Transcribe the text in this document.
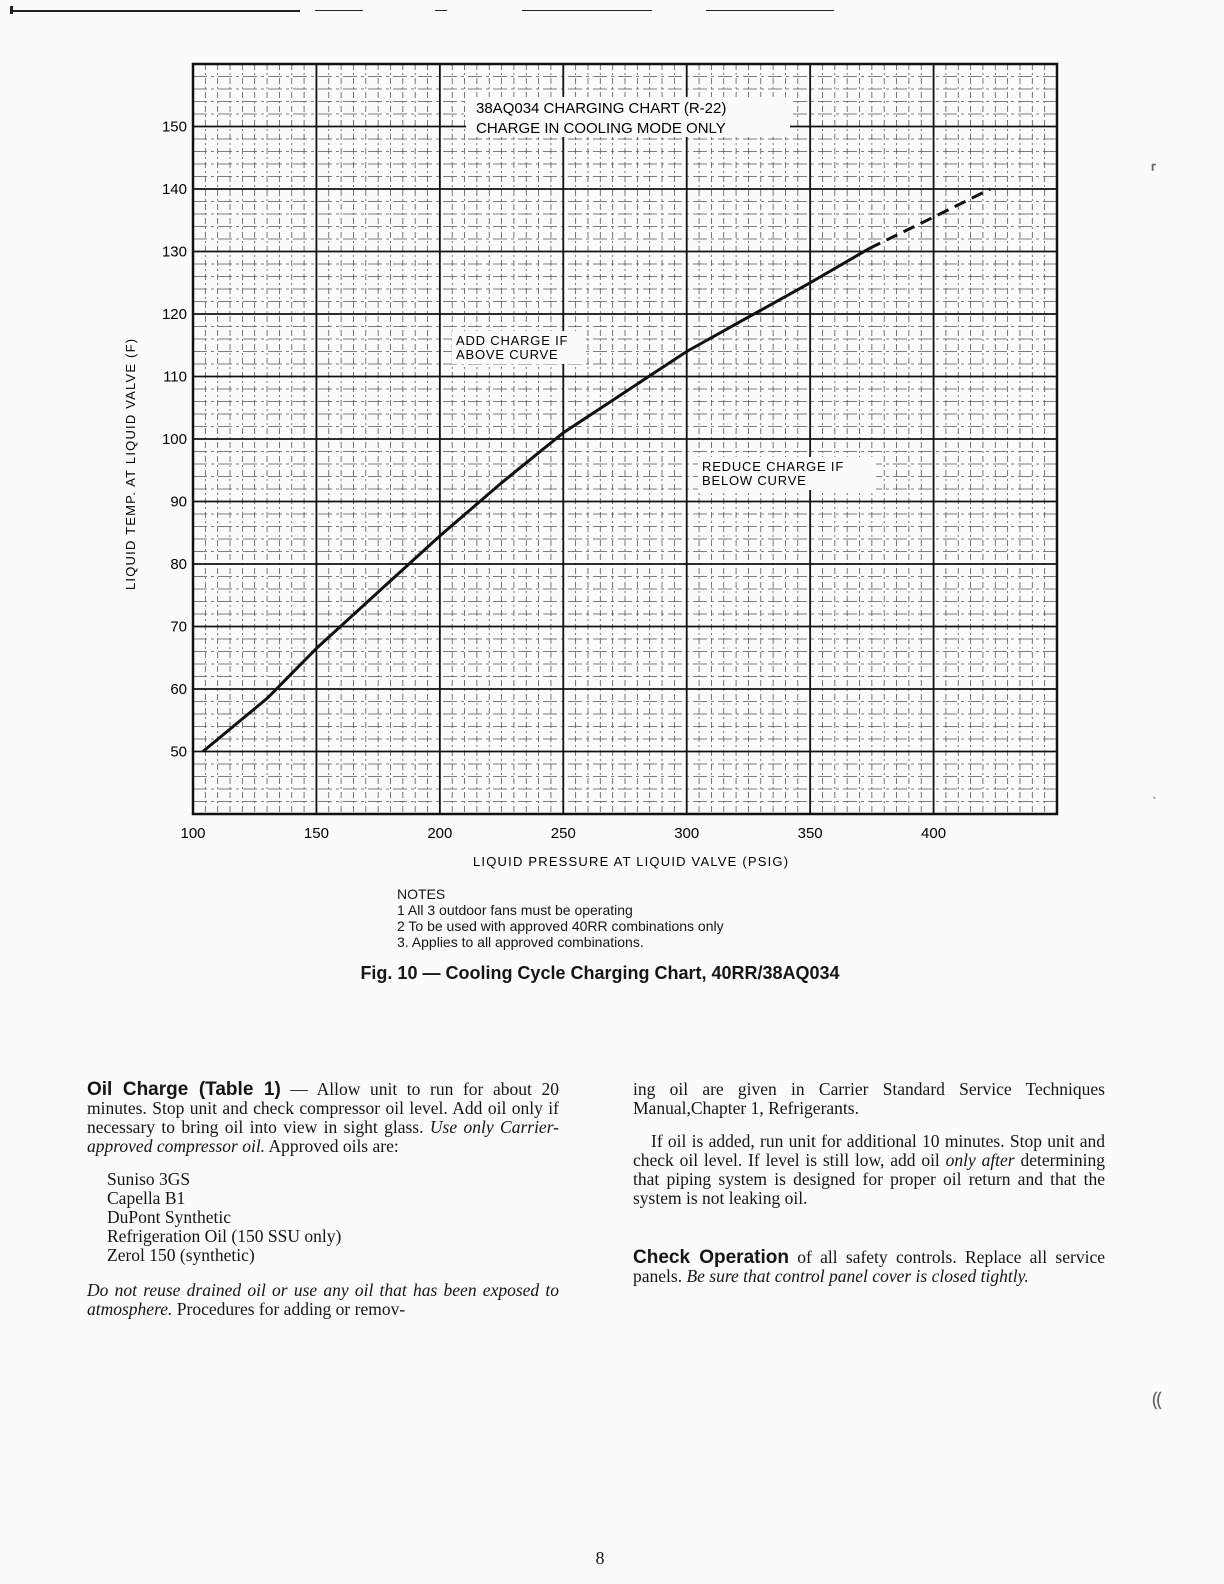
38AQ034 CHARGING CHART (R-22)
CHARGE IN COOLING MODE ONLY
ADD CHARGE IF
ABOVE CURVE
REDUCE CHARGE IF
BELOW CURVE
50
60
70
80
90
100
110
120
130
140
150
100	150	200	250	300	350	400
LIQUID PRESSURE AT LIQUID VALVE (PSIG)
LIQUID TEMP. AT LIQUID VALVE (F)
NOTES
1 All 3 outdoor fans must be operating
2 To be used with approved 40RR combinations only
3. Applies to all approved combinations.
Fig. 10 — Cooling Cycle Charging Chart, 40RR/38AQ034

Oil Charge (Table 1) — Allow unit to run for about 20 minutes. Stop unit and check compressor oil level. Add oil only if necessary to bring oil into view in sight glass. Use only Carrier-approved compressor oil. Approved oils are:

Suniso 3GS
Capella B1
DuPont Synthetic
Refrigeration Oil (150 SSU only)
Zerol 150 (synthetic)

Do not reuse drained oil or use any oil that has been exposed to atmosphere. Procedures for adding or remov-

ing oil are given in Carrier Standard Service Techniques Manual,Chapter 1, Refrigerants.

If oil is added, run unit for additional 10 minutes. Stop unit and check oil level. If level is still low, add oil only after determining that piping system is designed for proper oil return and that the system is not leaking oil.

Check Operation of all safety controls. Replace all service panels. Be sure that control panel cover is closed tightly.

8
⸢
ˎ
⸨
